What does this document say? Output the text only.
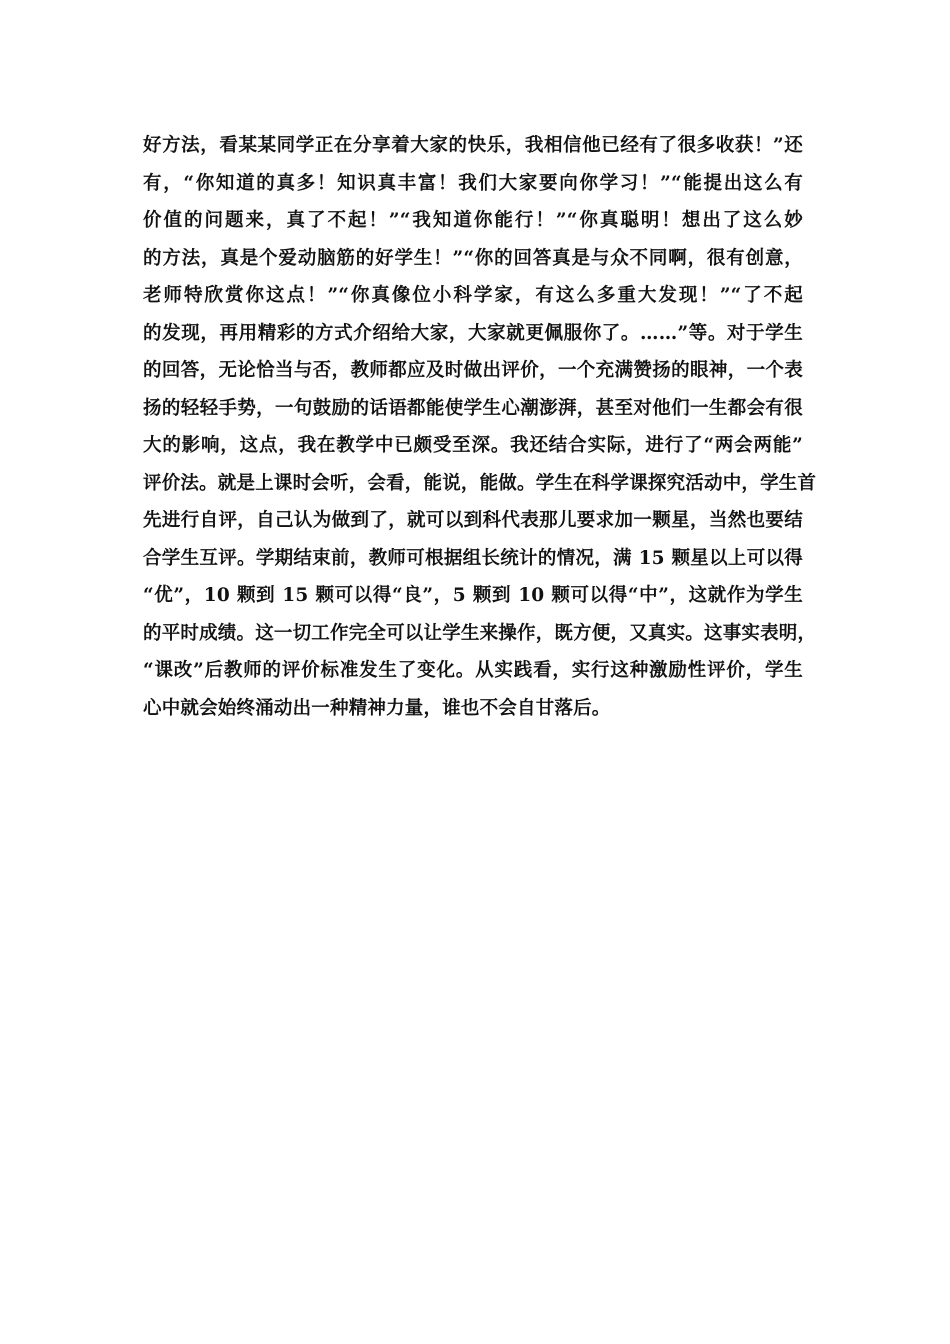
好方法，看某某同学正在分享着大家的快乐，我相信他已经有了很多收获！”还
有，“你知道的真多！知识真丰富！我们大家要向你学习！”“能提出这么有
价值的问题来，真了不起！”“我知道你能行！”“你真聪明！想出了这么妙
的方法，真是个爱动脑筋的好学生！”“你的回答真是与众不同啊，很有创意，
老师特欣赏你这点！”“你真像位小科学家，有这么多重大发现！”“了不起
的发现，再用精彩的方式介绍给大家，大家就更佩服你了。……”等。对于学生
的回答，无论恰当与否，教师都应及时做出评价，一个充满赞扬的眼神，一个表
扬的轻轻手势，一句鼓励的话语都能使学生心潮澎湃，甚至对他们一生都会有很
大的影响，这点，我在教学中已颇受至深。我还结合实际，进行了“两会两能”
评价法。就是上课时会听，会看，能说，能做。学生在科学课探究活动中，学生首
先进行自评，自己认为做到了，就可以到科代表那儿要求加一颗星，当然也要结
合学生互评。学期结束前，教师可根据组长统计的情况，满 15 颗星以上可以得
“优”，10 颗到 15 颗可以得“良”，5 颗到 10 颗可以得“中”，这就作为学生
的平时成绩。这一切工作完全可以让学生来操作，既方便，又真实。这事实表明，
“课改”后教师的评价标准发生了变化。从实践看，实行这种激励性评价，学生
心中就会始终涌动出一种精神力量，谁也不会自甘落后。
